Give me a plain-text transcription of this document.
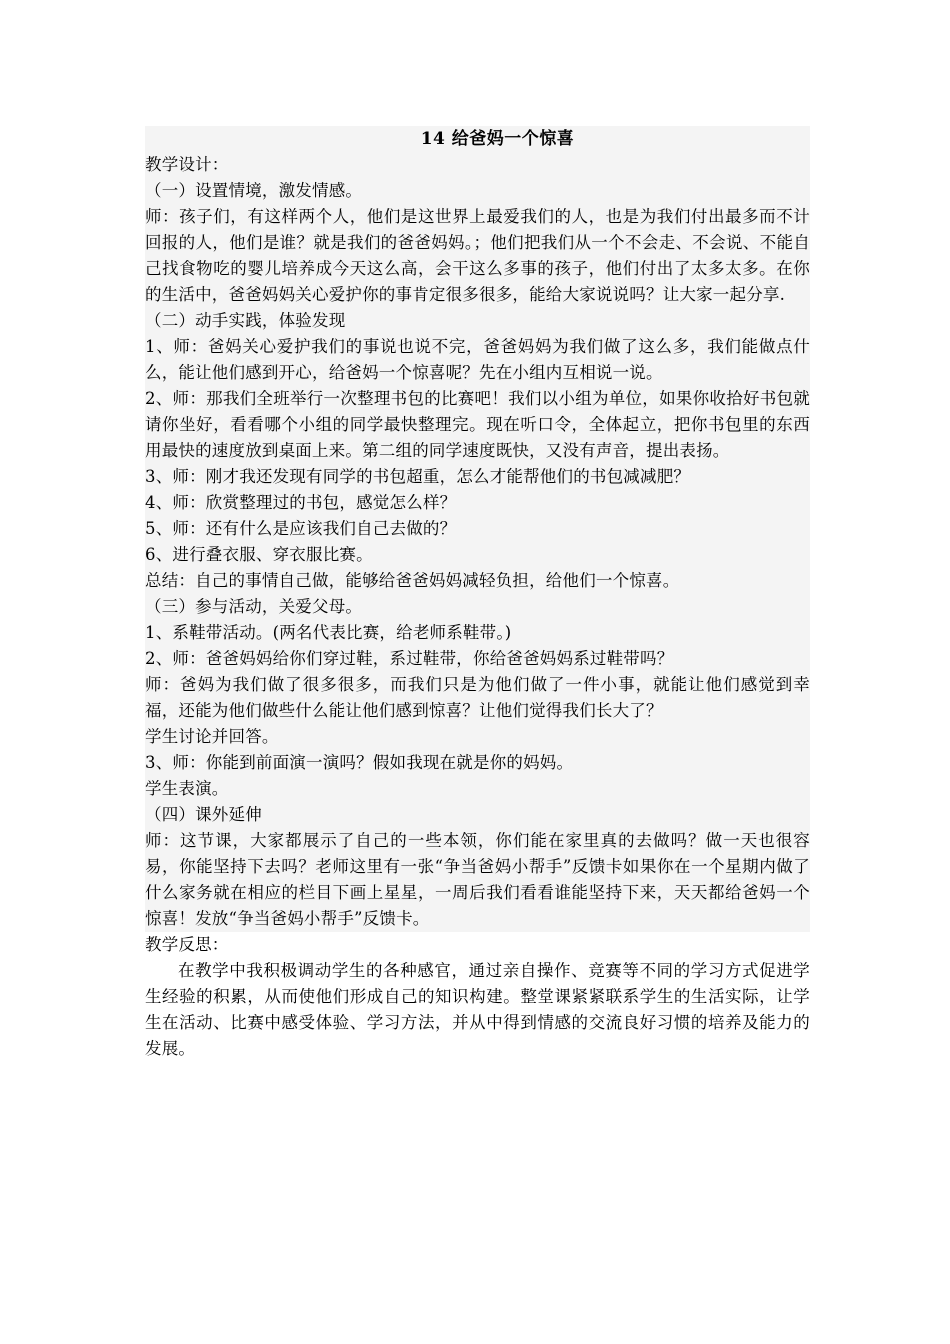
14 给爸妈一个惊喜

教学设计：

（一）设置情境，激发情感。

师：孩子们，有这样两个人，他们是这世界上最爱我们的人，也是为我们付出最多而不计回报的人，他们是谁？就是我们的爸爸妈妈。；他们把我们从一个不会走、不会说、不能自己找食物吃的婴儿培养成今天这么高，会干这么多事的孩子，他们付出了太多太多。在你的生活中，爸爸妈妈关心爱护你的事肯定很多很多，能给大家说说吗？让大家一起分享.

（二）动手实践，体验发现

1、师：爸妈关心爱护我们的事说也说不完，爸爸妈妈为我们做了这么多，我们能做点什么，能让他们感到开心，给爸妈一个惊喜呢？先在小组内互相说一说。

2、师：那我们全班举行一次整理书包的比赛吧！我们以小组为单位，如果你收拾好书包就请你坐好，看看哪个小组的同学最快整理完。现在听口令，全体起立，把你书包里的东西用最快的速度放到桌面上来。第二组的同学速度既快，又没有声音，提出表扬。

3、师：刚才我还发现有同学的书包超重，怎么才能帮他们的书包减减肥？

4、师：欣赏整理过的书包，感觉怎么样？

5、师：还有什么是应该我们自己去做的？

6、进行叠衣服、穿衣服比赛。

总结：自己的事情自己做，能够给爸爸妈妈减轻负担，给他们一个惊喜。

（三）参与活动，关爱父母。

1、系鞋带活动。(两名代表比赛，给老师系鞋带。)

2、师：爸爸妈妈给你们穿过鞋，系过鞋带，你给爸爸妈妈系过鞋带吗？

师：爸妈为我们做了很多很多，而我们只是为他们做了一件小事，就能让他们感觉到幸福，还能为他们做些什么能让他们感到惊喜？让他们觉得我们长大了？

学生讨论并回答。

3、师：你能到前面演一演吗？假如我现在就是你的妈妈。

学生表演。

（四）课外延伸

师：这节课，大家都展示了自己的一些本领，你们能在家里真的去做吗？做一天也很容易，你能坚持下去吗？老师这里有一张“争当爸妈小帮手”反馈卡如果你在一个星期内做了什么家务就在相应的栏目下画上星星，一周后我们看看谁能坚持下来，天天都给爸妈一个惊喜！发放“争当爸妈小帮手”反馈卡。

教学反思：

在教学中我积极调动学生的各种感官，通过亲自操作、竞赛等不同的学习方式促进学生经验的积累，从而使他们形成自己的知识构建。整堂课紧紧联系学生的生活实际，让学生在活动、比赛中感受体验、学习方法，并从中得到情感的交流良好习惯的培养及能力的发展。
